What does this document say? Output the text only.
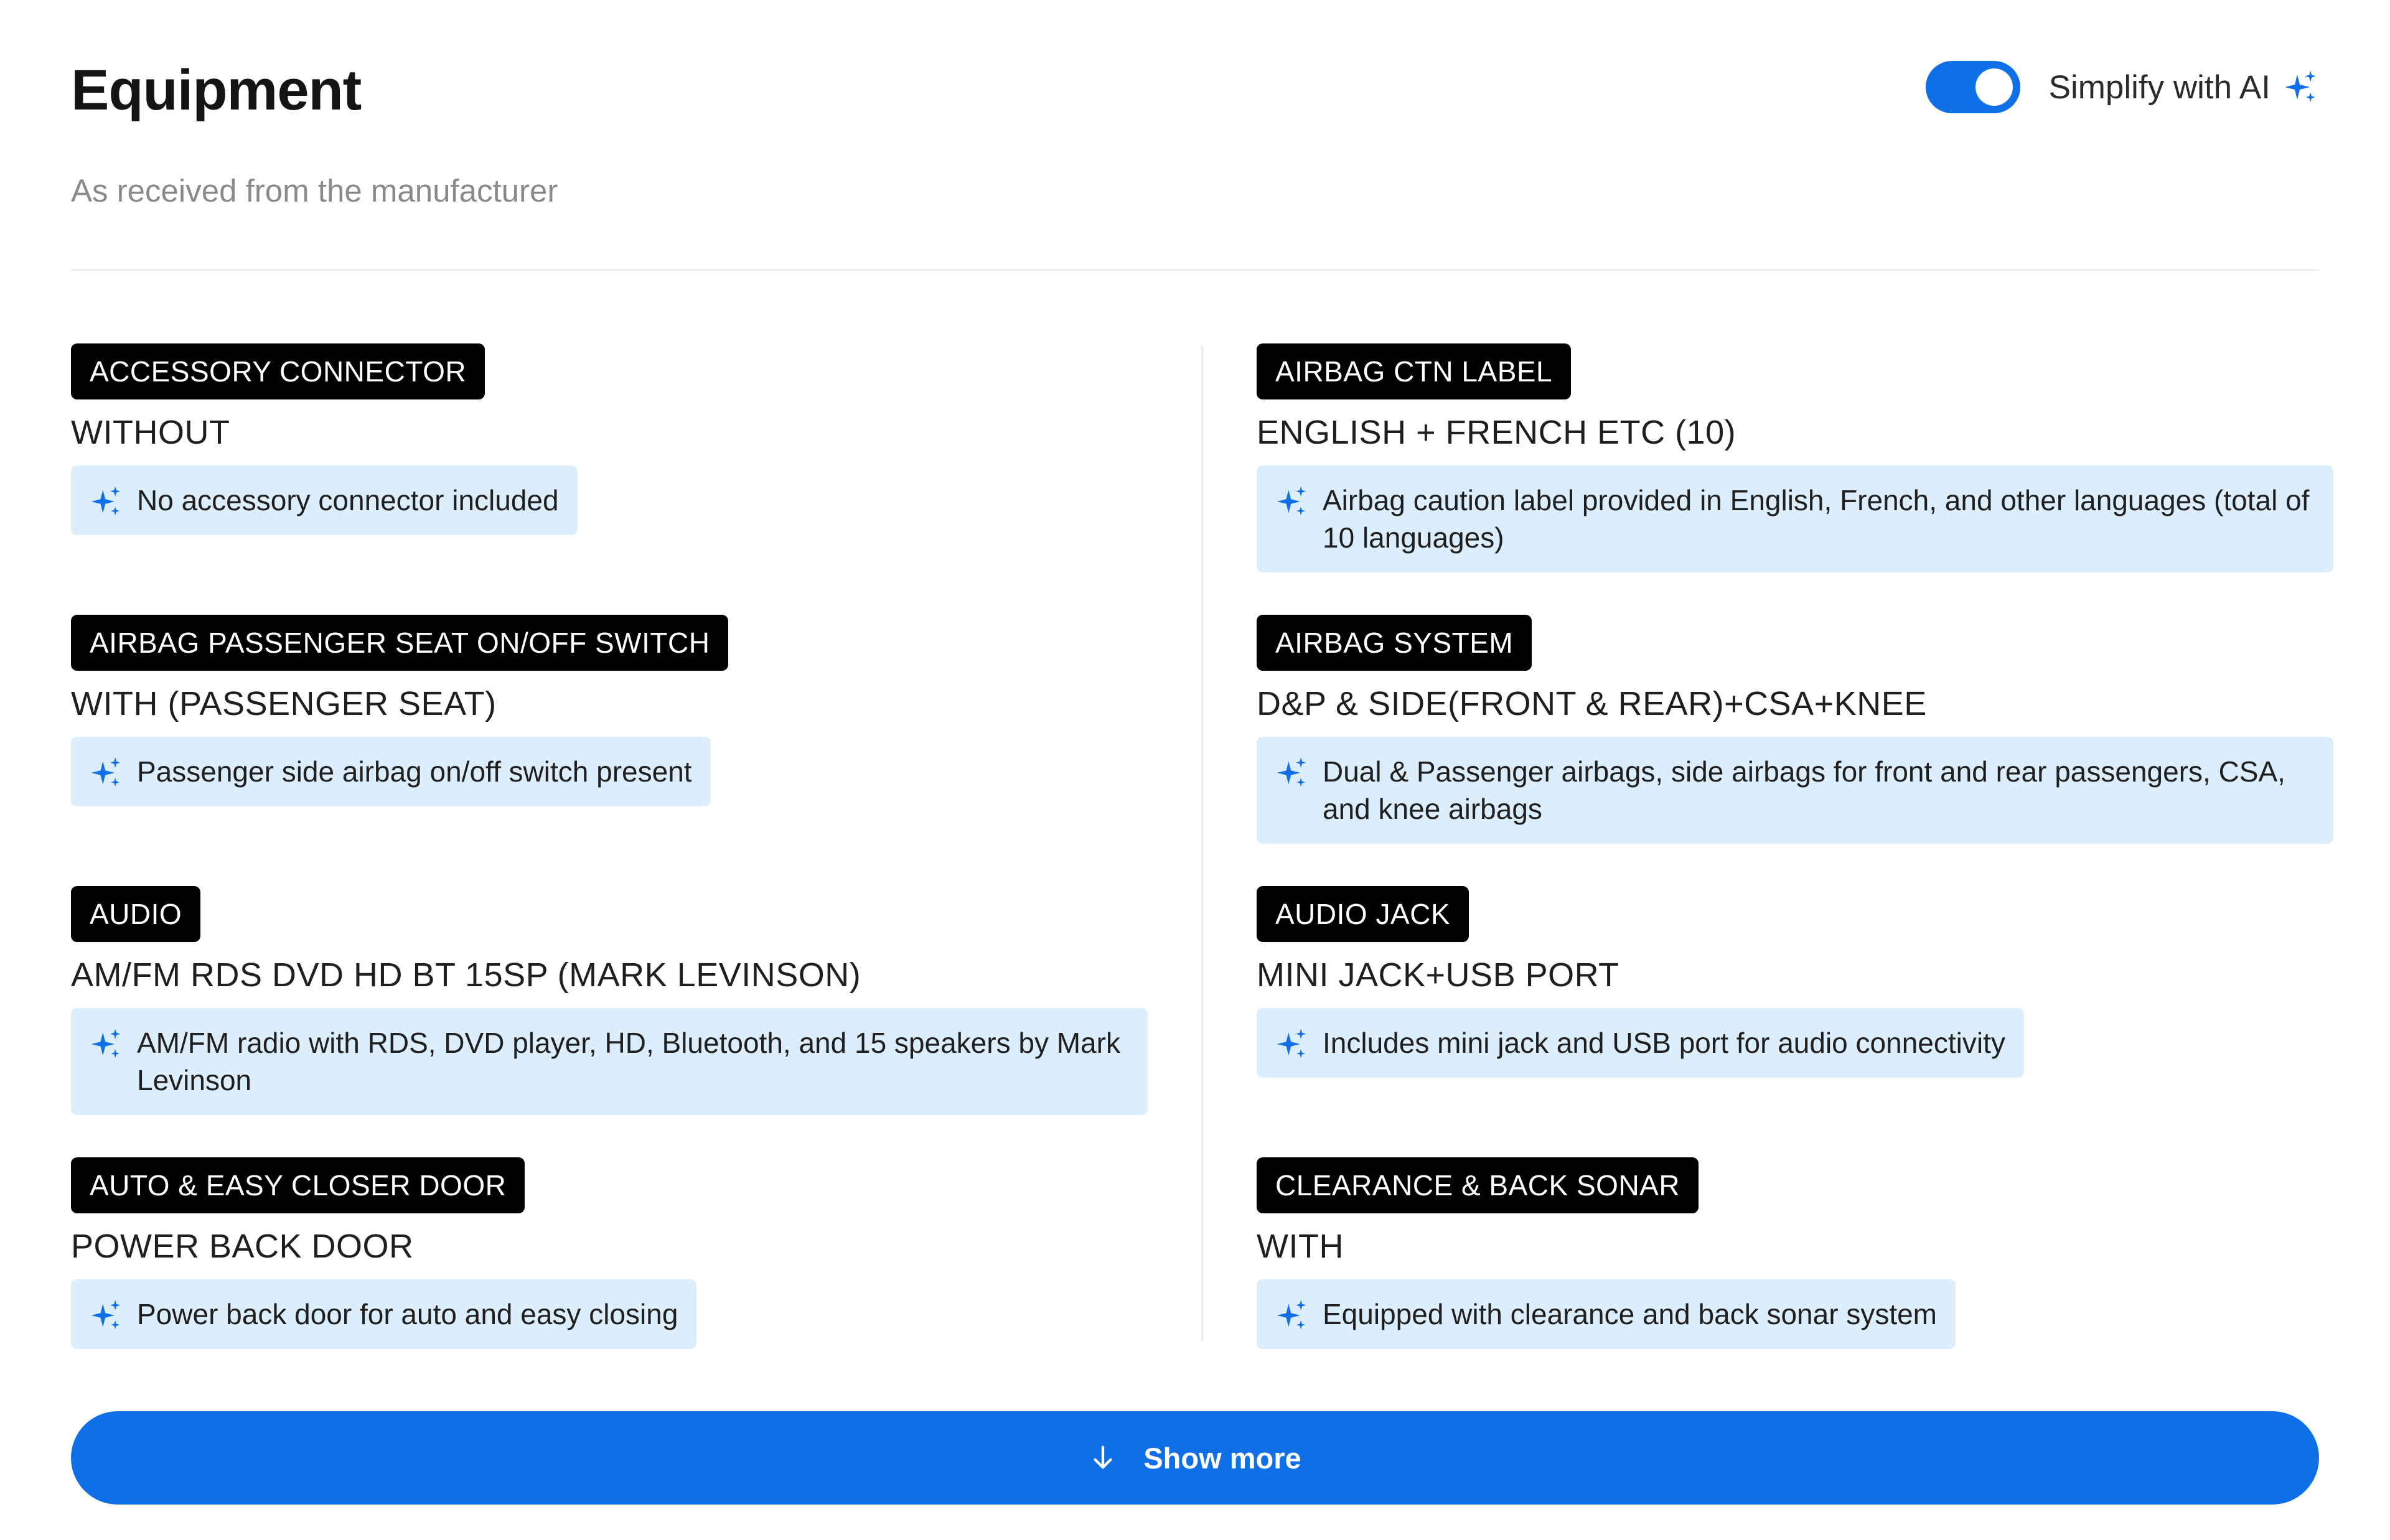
Equipment
As received from the manufacturer
Simplify with AI
ACCESSORY CONNECTOR
WITHOUT
No accessory connector included
AIRBAG PASSENGER SEAT ON/OFF SWITCH
WITH (PASSENGER SEAT)
Passenger side airbag on/off switch present
AUDIO
AM/FM RDS DVD HD BT 15SP (MARK LEVINSON)
AM/FM radio with RDS, DVD player, HD, Bluetooth, and 15 speakers by Mark Levinson
AUTO & EASY CLOSER DOOR
POWER BACK DOOR
Power back door for auto and easy closing
AIRBAG CTN LABEL
ENGLISH + FRENCH ETC (10)
Airbag caution label provided in English, French, and other languages (total of 10 languages)
AIRBAG SYSTEM
D&P & SIDE(FRONT & REAR)+CSA+KNEE
Dual & Passenger airbags, side airbags for front and rear passengers, CSA, and knee airbags
AUDIO JACK
MINI JACK+USB PORT
Includes mini jack and USB port for audio connectivity
CLEARANCE & BACK SONAR
WITH
Equipped with clearance and back sonar system
Show more
